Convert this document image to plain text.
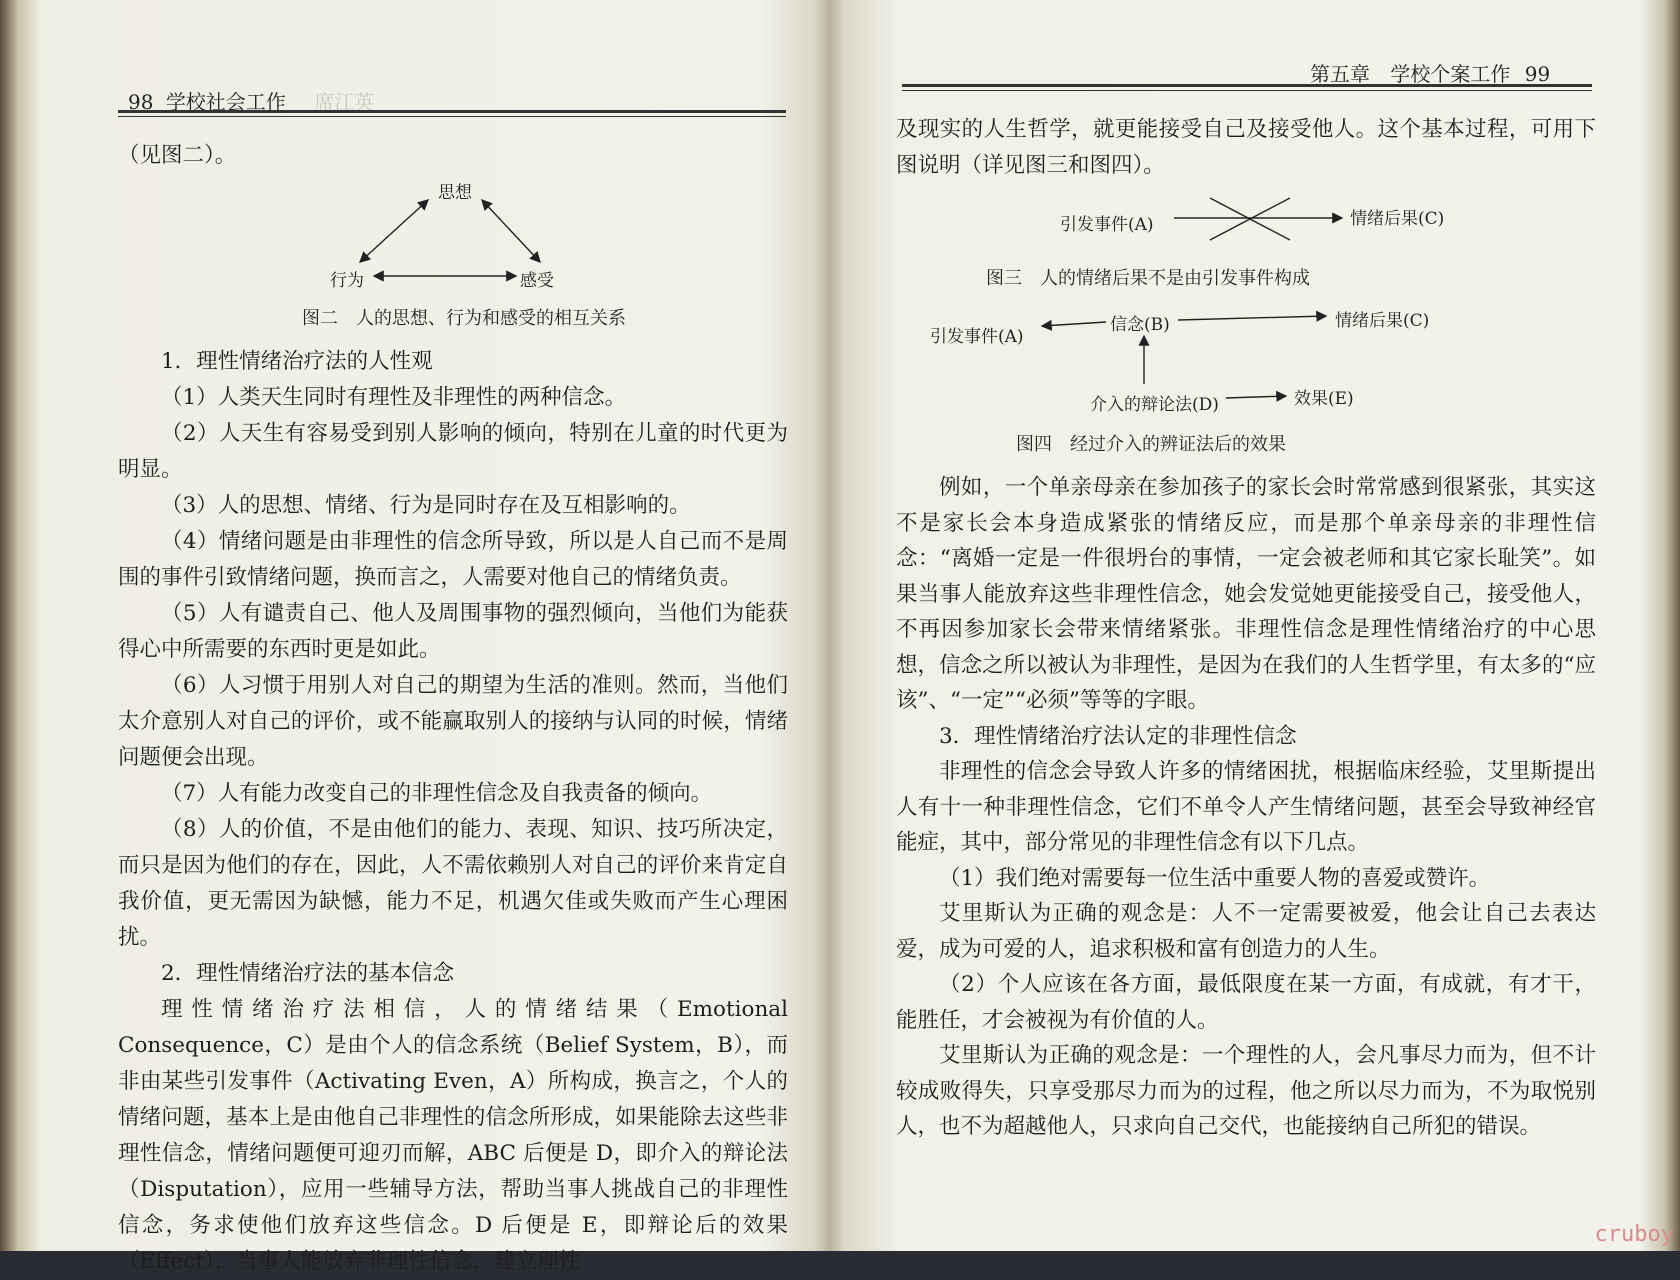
98 学校社会工作 席江英

（见图二）。

思想
行为	感受
图二　人的思想、行为和感受的相互关系

1．理性情绪治疗法的人性观

（1）人类天生同时有理性及非理性的两种信念。

（2）人天生有容易受到别人影响的倾向，特别在儿童的时代更为明显。

（3）人的思想、情绪、行为是同时存在及互相影响的。

（4）情绪问题是由非理性的信念所导致，所以是人自己而不是周围的事件引致情绪问题，换而言之，人需要对他自己的情绪负责。

（5）人有谴责自己、他人及周围事物的强烈倾向，当他们为能获得心中所需要的东西时更是如此。

（6）人习惯于用别人对自己的期望为生活的准则。然而，当他们太介意别人对自己的评价，或不能赢取别人的接纳与认同的时候，情绪问题便会出现。

（7）人有能力改变自己的非理性信念及自我责备的倾向。

（8）人的价值，不是由他们的能力、表现、知识、技巧所决定，而只是因为他们的存在，因此，人不需依赖别人对自己的评价来肯定自我价值，更无需因为缺憾，能力不足，机遇欠佳或失败而产生心理困扰。

2．理性情绪治疗法的基本信念

理性情绪治疗法相信，人的情绪结果（Emotional Consequence，C）是由个人的信念系统（Belief System，B），而非由某些引发事件（Activating Even，A）所构成，换言之，个人的情绪问题，基本上是由他自己非理性的信念所形成，如果能除去这些非理性信念，情绪问题便可迎刃而解，ABC 后便是 D，即介入的辩论法（Disputation），应用一些辅导方法，帮助当事人挑战自己的非理性信念，务求使他们放弃这些信念。D 后便是 E，即辩论后的效果（Effect），当事人能放弃非理性信念，建立理性

第五章 学校个案工作 99

及现实的人生哲学，就更能接受自己及接受他人。这个基本过程，可用下图说明（详见图三和图四）。

引发事件(A)	情绪后果(C)
图三　人的情绪后果不是由引发事件构成
引发事件(A)
信念(B)	情绪后果(C)
介入的辩论法(D)	效果(E)
图四　经过介入的辨证法后的效果

例如，一个单亲母亲在参加孩子的家长会时常常感到很紧张，其实这不是家长会本身造成紧张的情绪反应，而是那个单亲母亲的非理性信念：“离婚一定是一件很坍台的事情，一定会被老师和其它家长耻笑”。如果当事人能放弃这些非理性信念，她会发觉她更能接受自己，接受他人，不再因参加家长会带来情绪紧张。非理性信念是理性情绪治疗的中心思想，信念之所以被认为非理性，是因为在我们的人生哲学里，有太多的“应该”、“一定”“必须”等等的字眼。

3．理性情绪治疗法认定的非理性信念

非理性的信念会导致人许多的情绪困扰，根据临床经验，艾里斯提出人有十一种非理性信念，它们不单令人产生情绪问题，甚至会导致神经官能症，其中，部分常见的非理性信念有以下几点。

（1）我们绝对需要每一位生活中重要人物的喜爱或赞许。

艾里斯认为正确的观念是：人不一定需要被爱，他会让自己去表达爱，成为可爱的人，追求积极和富有创造力的人生。

（2）个人应该在各方面，最低限度在某一方面，有成就，有才干，能胜任，才会被视为有价值的人。

艾里斯认为正确的观念是：一个理性的人，会凡事尽力而为，但不计较成败得失，只享受那尽力而为的过程，他之所以尽力而为，不为取悦别人，也不为超越他人，只求向自己交代，也能接纳自己所犯的错误。

cruboy
